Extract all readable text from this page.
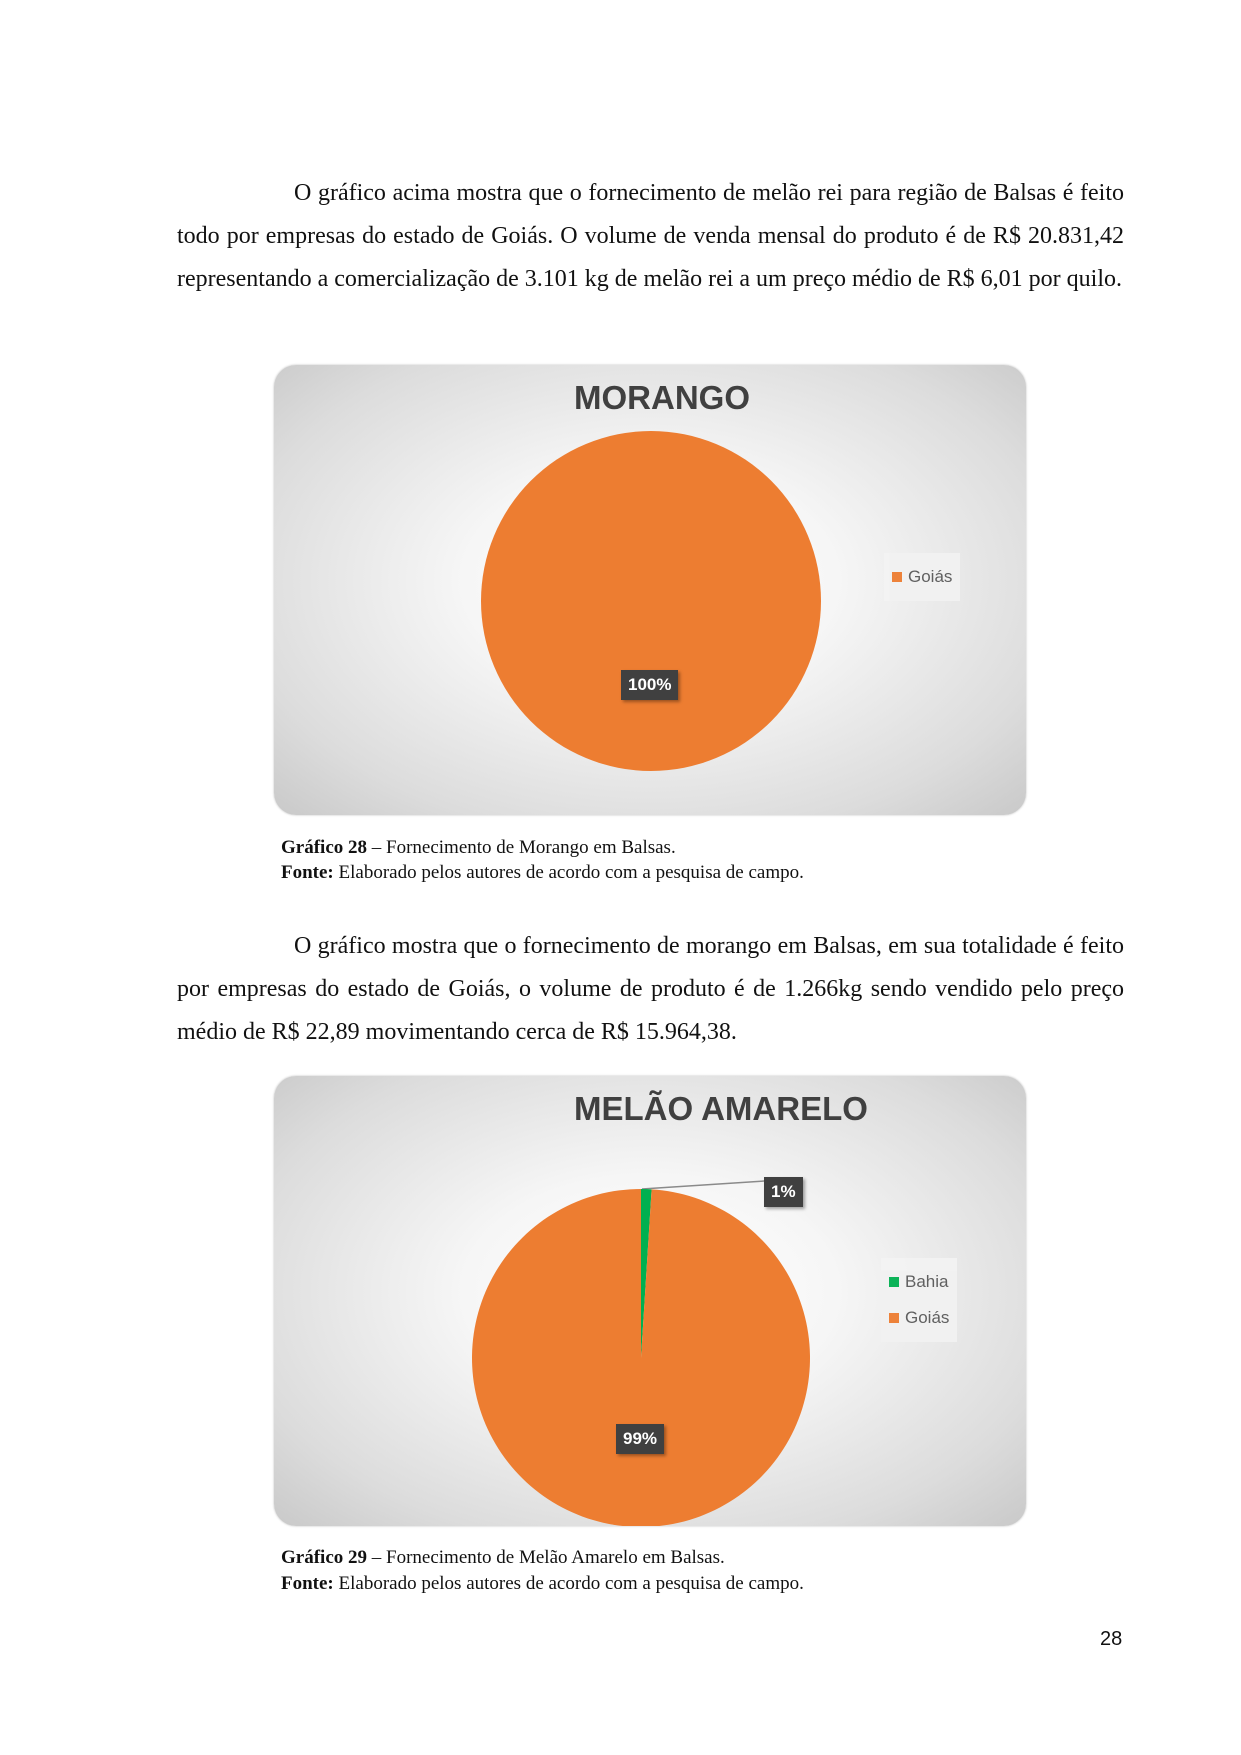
O gráfico acima mostra que o fornecimento de melão rei para região de Balsas é feito todo por empresas do estado de Goiás. O volume de venda mensal do produto é de R$ 20.831,42 representando a comercialização de 3.101 kg de melão rei a um preço médio de R$ 6,01 por quilo.

MORANGO
Goiás
100%

Gráfico 28 – Fornecimento de Morango em Balsas.

Fonte: Elaborado pelos autores de acordo com a pesquisa de campo.

O gráfico mostra que o fornecimento de morango em Balsas, em sua totalidade é feito por empresas do estado de Goiás, o volume de produto é de 1.266kg sendo vendido pelo preço médio de R$ 22,89 movimentando cerca de R$ 15.964,38.

MELÃO AMARELO
Bahia
Goiás
1%
99%

Gráfico 29 – Fornecimento de Melão Amarelo em Balsas.

Fonte: Elaborado pelos autores de acordo com a pesquisa de campo.

28
